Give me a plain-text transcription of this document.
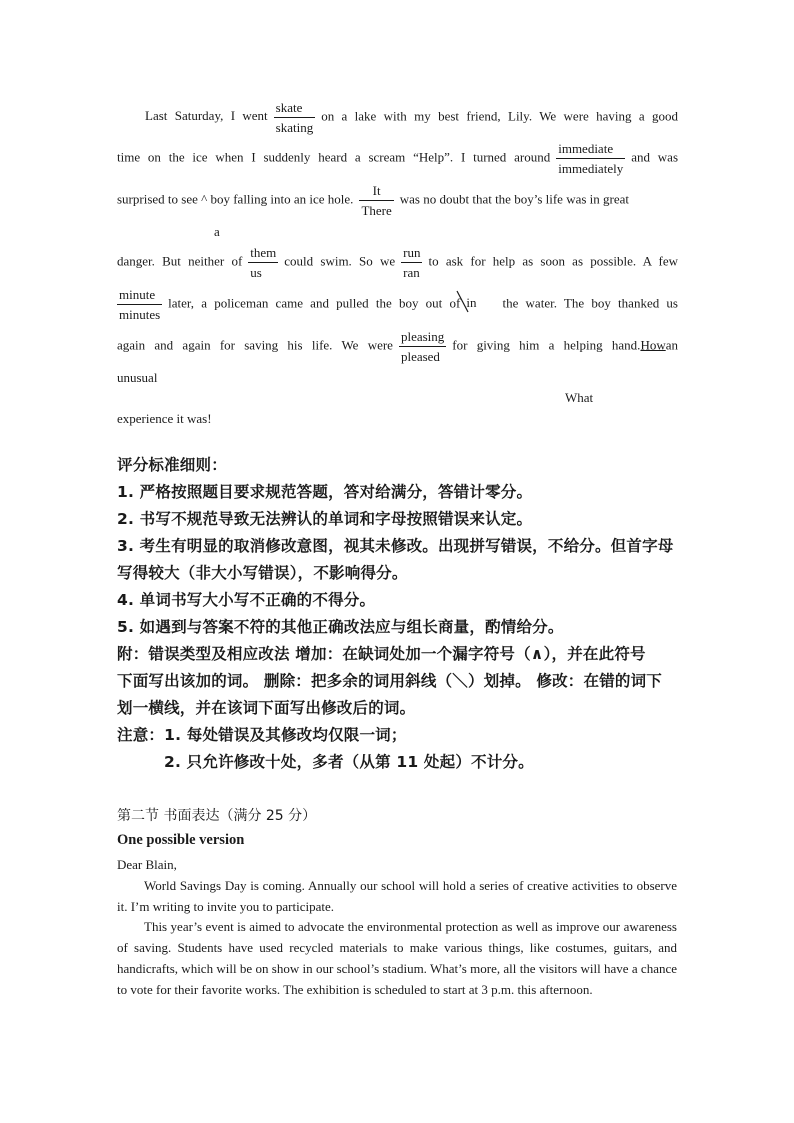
Last Saturday, I went
skate
skating
on a lake with my best friend, Lily. We were having a good
time on the ice when I suddenly heard a scream “Help”. I turned around
immediate
immediately
and was
surprised to see ^ boy falling into an ice hole.
It
There
was no doubt that the boy’s life was in great
a
danger. But neither of
them
us
could swim. So we
run
ran
to ask for help as soon as possible. A few
minute
minutes
later, a policeman came and pulled the boy out of in the water. The boy thanked us
again and again for saving his life. We were
pleasing
pleased
for giving him a helping hand.Howan
unusual
What
experience it was!
评分标准细则：
1. 严格按照题目要求规范答题，答对给满分，答错计零分。
2. 书写不规范导致无法辨认的单词和字母按照错误来认定。
3. 考生有明显的取消修改意图，视其未修改。出现拼写错误，不给分。但首字母
写得较大（非大小写错误），不影响得分。
4. 单词书写大小写不正确的不得分。
5. 如遇到与答案不符的其他正确改法应与组长商量，酌情给分。
附：错误类型及相应改法 增加：在缺词处加一个漏字符号（∧），并在此符号
下面写出该加的词。 删除：把多余的词用斜线（＼）划掉。 修改：在错的词下
划一横线，并在该词下面写出修改后的词。
注意：1. 每处错误及其修改均仅限一词；
2. 只允许修改十处，多者（从第 11 处起）不计分。
第二节 书面表达（满分 25 分）
One possible version

Dear Blain,

World Savings Day is coming. Annually our school will hold a series of creative activities to observe it. I’m writing to invite you to participate.

This year’s event is aimed to advocate the environmental protection as well as improve our awareness of saving. Students have used recycled materials to make various things, like costumes, guitars, and handicrafts, which will be on show in our school’s stadium. What’s more, all the visitors will have a chance to vote for their favorite works. The exhibition is scheduled to start at 3 p.m. this afternoon.
